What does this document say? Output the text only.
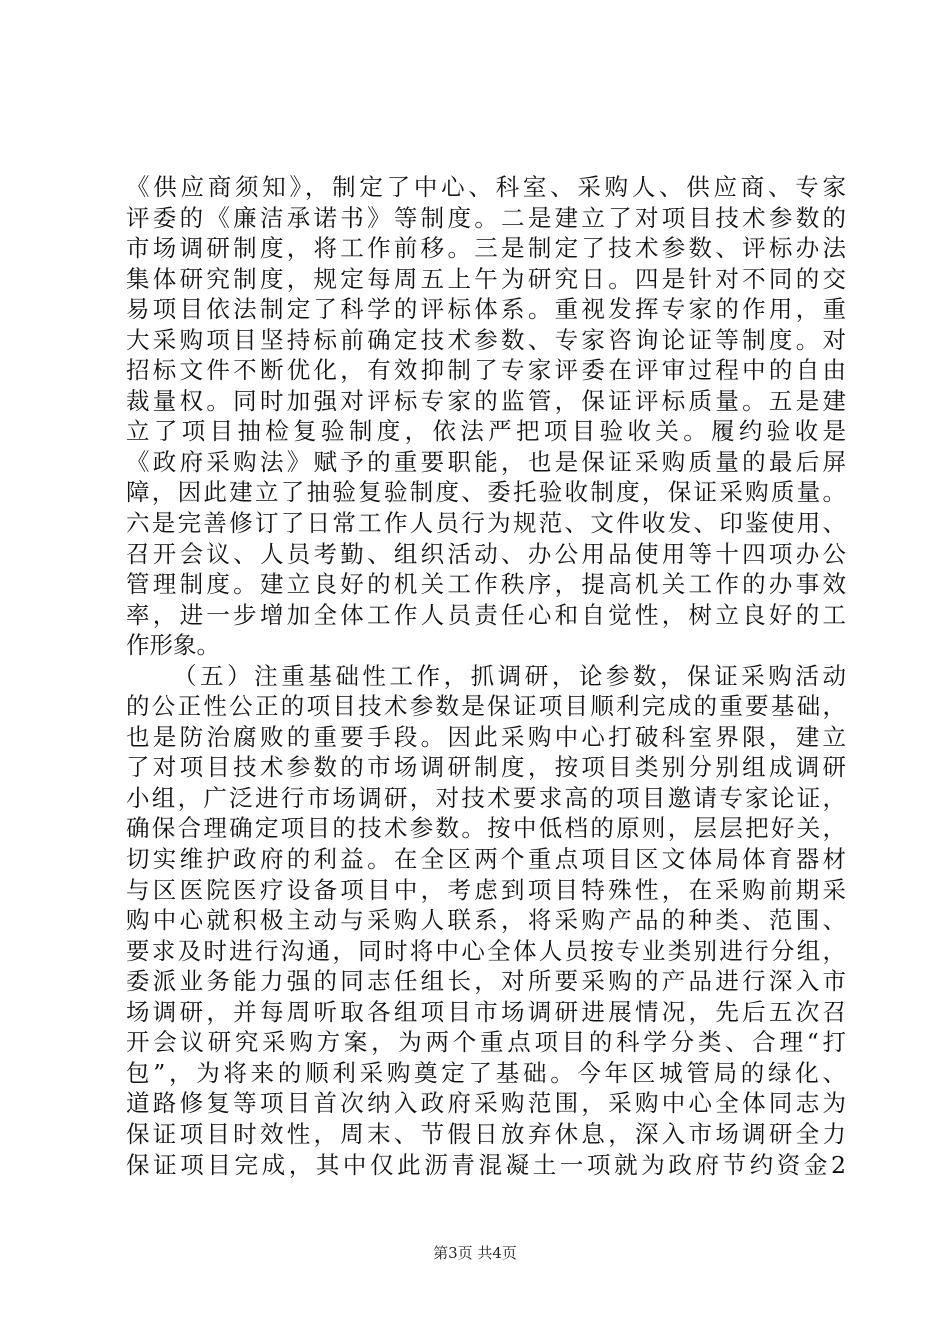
《供应商须知》，制定了中心、科室、采购人、供应商、专家
评委的《廉洁承诺书》等制度。二是建立了对项目技术参数的
市场调研制度，将工作前移。三是制定了技术参数、评标办法
集体研究制度，规定每周五上午为研究日。四是针对不同的交
易项目依法制定了科学的评标体系。重视发挥专家的作用，重
大采购项目坚持标前确定技术参数、专家咨询论证等制度。对
招标文件不断优化，有效抑制了专家评委在评审过程中的自由
裁量权。同时加强对评标专家的监管，保证评标质量。五是建
立了项目抽检复验制度，依法严把项目验收关。履约验收是
《政府采购法》赋予的重要职能，也是保证采购质量的最后屏
障，因此建立了抽验复验制度、委托验收制度，保证采购质量。
六是完善修订了日常工作人员行为规范、文件收发、印鉴使用、
召开会议、人员考勤、组织活动、办公用品使用等十四项办公
管理制度。建立良好的机关工作秩序，提高机关工作的办事效
率，进一步增加全体工作人员责任心和自觉性，树立良好的工
作形象。
（五）注重基础性工作，抓调研，论参数，保证采购活动
的公正性公正的项目技术参数是保证项目顺利完成的重要基础，
也是防治腐败的重要手段。因此采购中心打破科室界限，建立
了对项目技术参数的市场调研制度，按项目类别分别组成调研
小组，广泛进行市场调研，对技术要求高的项目邀请专家论证，
确保合理确定项目的技术参数。按中低档的原则，层层把好关，
切实维护政府的利益。在全区两个重点项目区文体局体育器材
与区医院医疗设备项目中，考虑到项目特殊性，在采购前期采
购中心就积极主动与采购人联系，将采购产品的种类、范围、
要求及时进行沟通，同时将中心全体人员按专业类别进行分组，
委派业务能力强的同志任组长，对所要采购的产品进行深入市
场调研，并每周听取各组项目市场调研进展情况，先后五次召
开会议研究采购方案，为两个重点项目的科学分类、合理“打
包”，为将来的顺利采购奠定了基础。今年区城管局的绿化、
道路修复等项目首次纳入政府采购范围，采购中心全体同志为
保证项目时效性，周末、节假日放弃休息，深入市场调研全力
保证项目完成，其中仅此沥青混凝土一项就为政府节约资金2
第3页 共4页
